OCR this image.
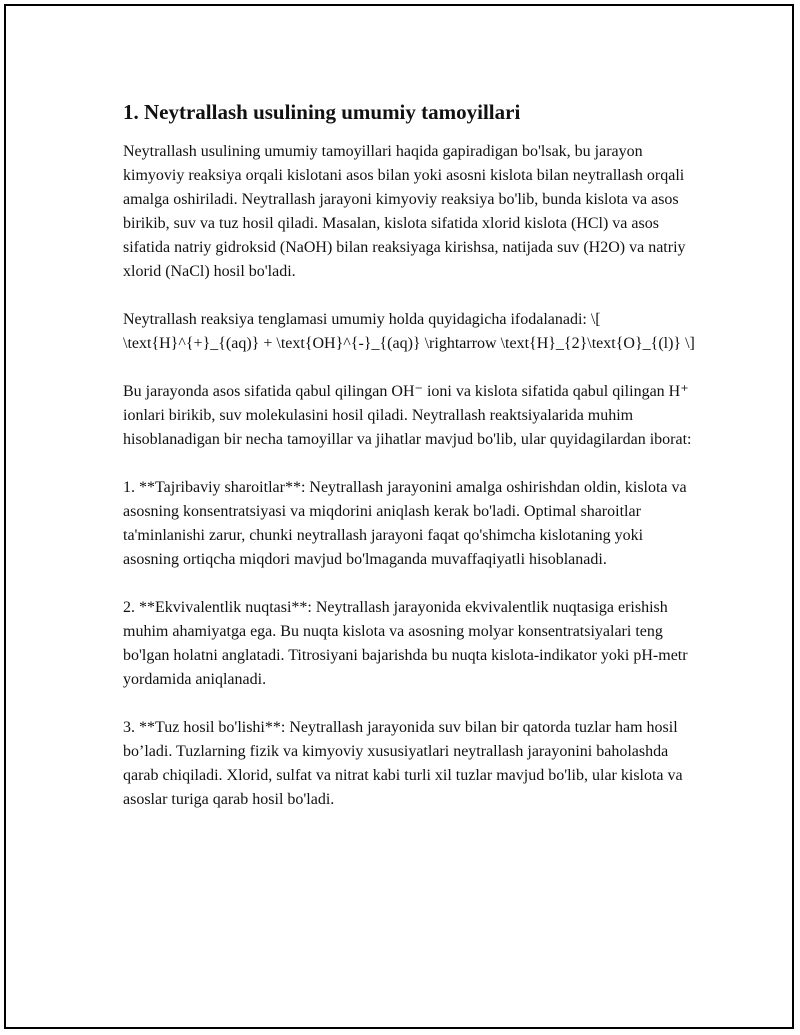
1. Neytrallash usulining umumiy tamoyillari

Neytrallash usulining umumiy tamoyillari haqida gapiradigan bo'lsak, bu jarayon kimyoviy reaksiya orqali kislotani asos bilan yoki asosni kislota bilan neytrallash orqali amalga oshiriladi. Neytrallash jarayoni kimyoviy reaksiya bo'lib, bunda kislota va asos birikib, suv va tuz hosil qiladi. Masalan, kislota sifatida xlorid kislota (HCl) va asos sifatida natriy gidroksid (NaOH) bilan reaksiyaga kirishsa, natijada suv (H2O) va natriy xlorid (NaCl) hosil bo'ladi.

Neytrallash reaksiya tenglamasi umumiy holda quyidagicha ifodalanadi: \[ \text{H}^{+}_{(aq)} + \text{OH}^{-}_{(aq)} \rightarrow \text{H}_{2}\text{O}_{(l)} \]

Bu jarayonda asos sifatida qabul qilingan OH⁻ ioni va kislota sifatida qabul qilingan H⁺ ionlari birikib, suv molekulasini hosil qiladi. Neytrallash reaktsiyalarida muhim hisoblanadigan bir necha tamoyillar va jihatlar mavjud bo'lib, ular quyidagilardan iborat:

1. **Tajribaviy sharoitlar**: Neytrallash jarayonini amalga oshirishdan oldin, kislota va asosning konsentratsiyasi va miqdorini aniqlash kerak bo'ladi. Optimal sharoitlar ta'minlanishi zarur, chunki neytrallash jarayoni faqat qo'shimcha kislotaning yoki asosning ortiqcha miqdori mavjud bo'lmaganda muvaffaqiyatli hisoblanadi.

2. **Ekvivalentlik nuqtasi**: Neytrallash jarayonida ekvivalentlik nuqtasiga erishish muhim ahamiyatga ega. Bu nuqta kislota va asosning molyar konsentratsiyalari teng bo'lgan holatni anglatadi. Titrosiyani bajarishda bu nuqta kislota-indikator yoki pH-metr yordamida aniqlanadi.

3. **Tuz hosil bo'lishi**: Neytrallash jarayonida suv bilan bir qatorda tuzlar ham hosil bo’ladi. Tuzlarning fizik va kimyoviy xususiyatlari neytrallash jarayonini baholashda qarab chiqiladi. Xlorid, sulfat va nitrat kabi turli xil tuzlar mavjud bo'lib, ular kislota va asoslar turiga qarab hosil bo'ladi.
